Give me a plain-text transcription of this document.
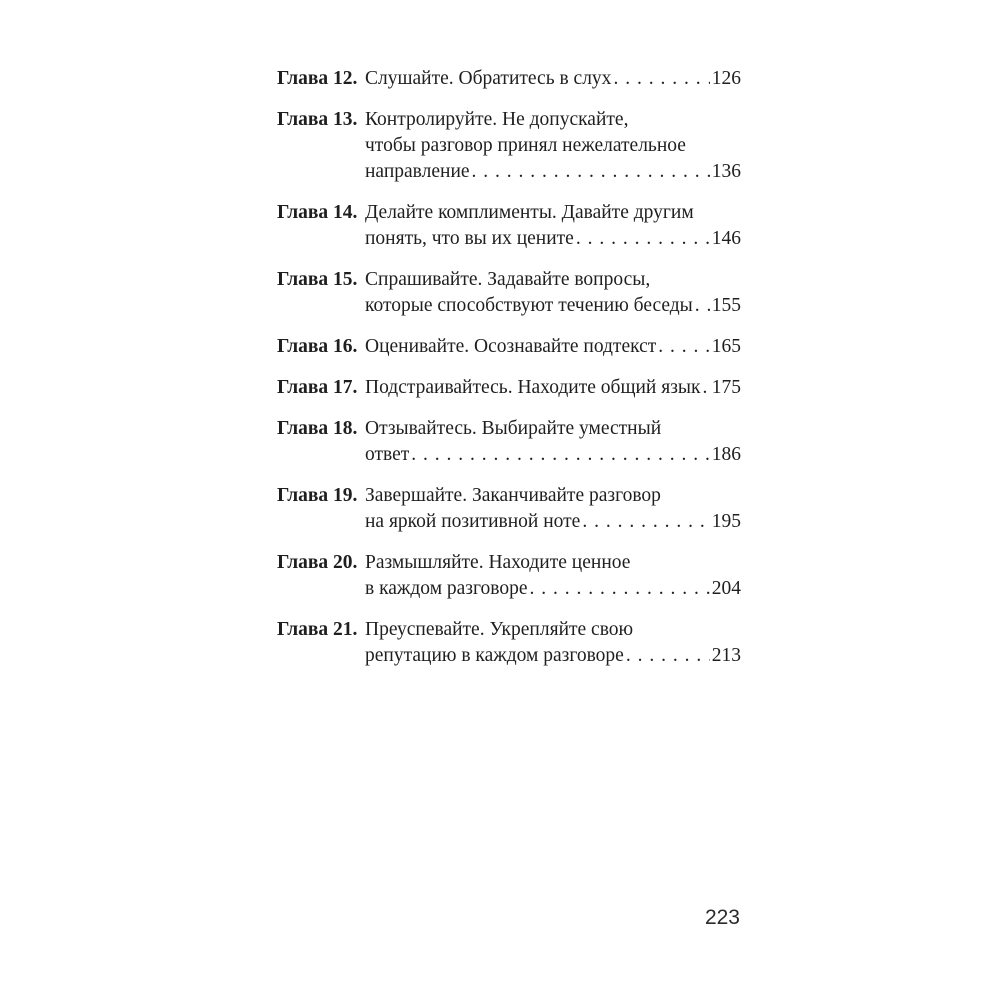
Глава 12. Слушайте. Обратитесь в слух . . .	126
Глава 13. Контролируйте. Не допускайте,
чтобы разговор принял нежелательное
направление . . .	136
Глава 14. Делайте комплименты. Давайте другим
понять, что вы их цените . . .	146
Глава 15. Спрашивайте. Задавайте вопросы,
которые способствуют течению беседы . . . 155
Глава 16. Оценивайте. Осознавайте подтекст . . .	165
Глава 17. Подстраивайтесь. Находите общий язык . . . 175
Глава 18. Отзывайтесь. Выбирайте уместный
ответ . . .	186
Глава 19. Завершайте. Заканчивайте разговор
на яркой позитивной ноте . . .	195
Глава 20. Размышляйте. Находите ценное
в каждом разговоре . . .	204
Глава 21. Преуспевайте. Укрепляйте свою
репутацию в каждом разговоре . . .	213
223
